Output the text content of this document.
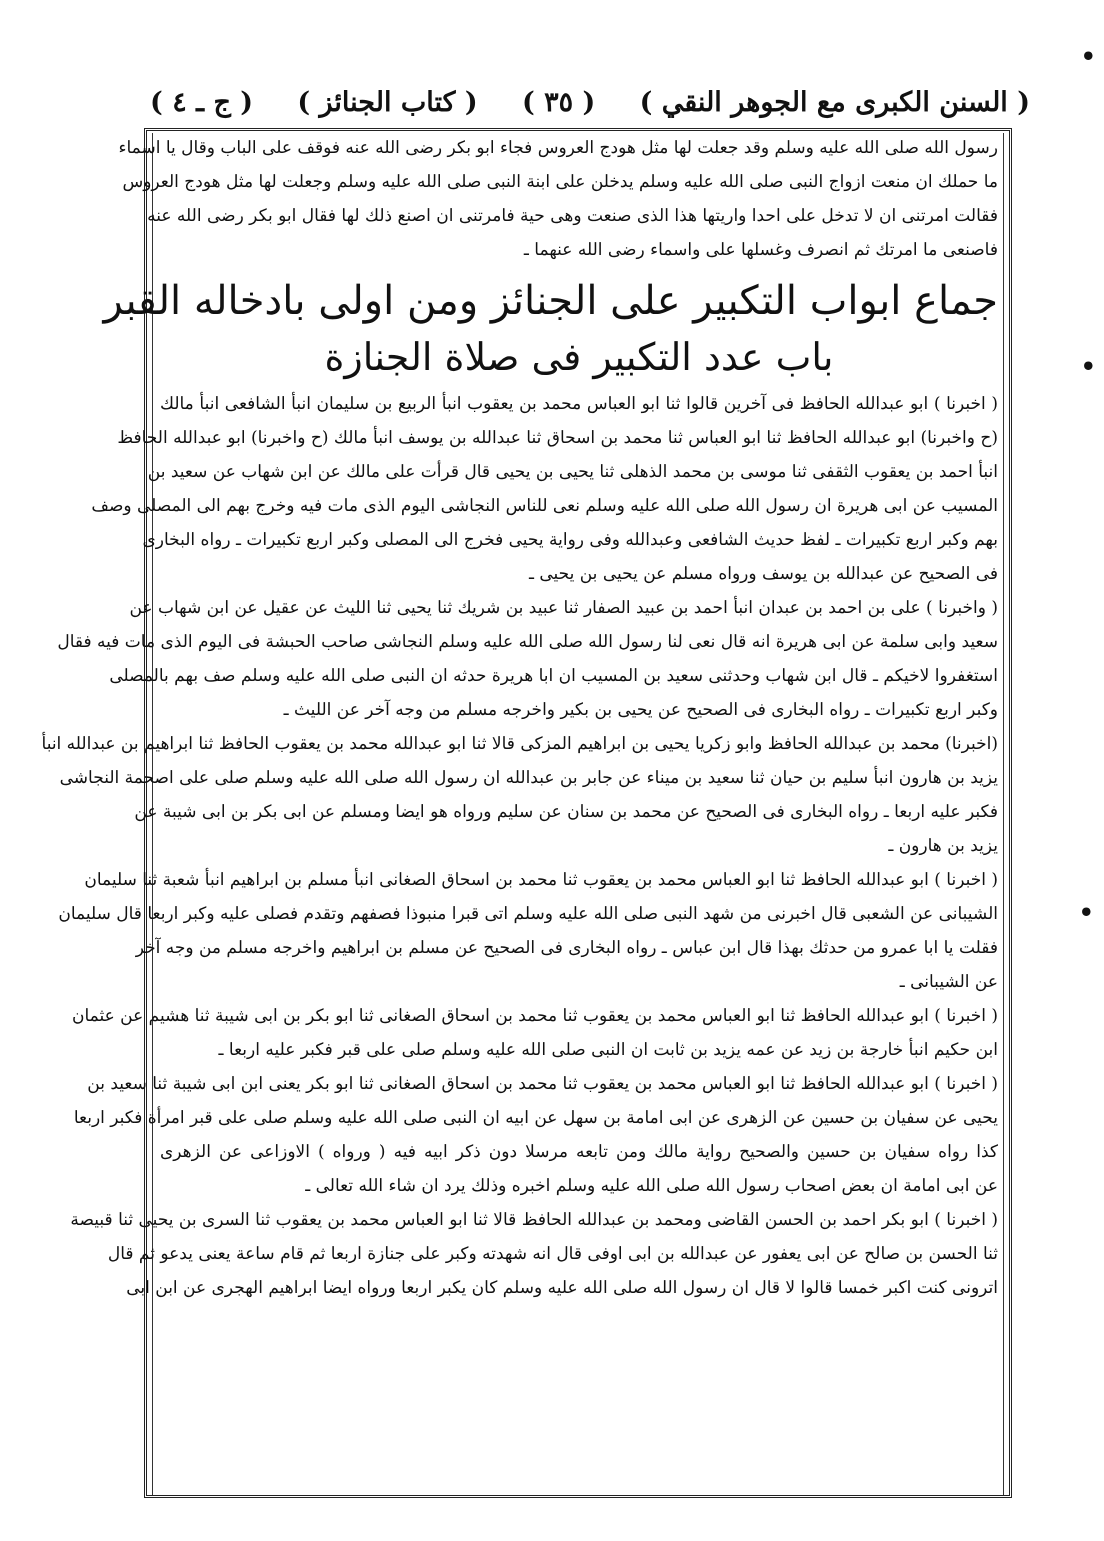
•
•
•
( السنن الكبرى مع الجوهر النقي )
( ٣٥ )
( كتاب الجنائز )
( ج ـ ٤ )
رسول الله صلى الله عليه وسلم وقد جعلت لها مثل هودج العروس فجاء ابو بكر رضى الله عنه فوقف على الباب وقال يا اسماء
ما حملك ان منعت ازواج النبى صلى الله عليه وسلم يدخلن على ابنة النبى صلى الله عليه وسلم وجعلت لها مثل هودج العروس
فقالت امرتنى ان لا تدخل على احدا واريتها هذا الذى صنعت وهى حية فامرتنى ان اصنع ذلك لها فقال ابو بكر رضى الله عنه
فاصنعى ما امرتك ثم انصرف وغسلها على واسماء رضى الله عنهما ـ
جماع ابواب التكبير على الجنائز ومن اولى بادخاله القبر
باب عدد التكبير فى صلاة الجنازة
( اخبرنا ) ابو عبدالله الحافظ فى آخرين قالوا ثنا ابو العباس محمد بن يعقوب انبأ الربيع بن سليمان انبأ الشافعى انبأ مالك
(ح واخبرنا) ابو عبدالله الحافظ ثنا ابو العباس ثنا محمد بن اسحاق ثنا عبدالله بن يوسف انبأ مالك (ح واخبرنا) ابو عبدالله الحافظ
انبأ احمد بن يعقوب الثقفى ثنا موسى بن محمد الذهلى ثنا يحيى بن يحيى قال قرأت على مالك عن ابن شهاب عن سعيد بن
المسيب عن ابى هريرة ان رسول الله صلى الله عليه وسلم نعى للناس النجاشى اليوم الذى مات فيه وخرج بهم الى المصلى وصف
بهم وكبر اربع تكبيرات ـ لفظ حديث الشافعى وعبدالله وفى رواية يحيى فخرج الى المصلى وكبر اربع تكبيرات ـ رواه البخارى
فى الصحيح عن عبدالله بن يوسف ورواه مسلم عن يحيى بن يحيى ـ
( واخبرنا ) على بن احمد بن عبدان انبأ احمد بن عبيد الصفار ثنا عبيد بن شريك ثنا يحيى ثنا الليث عن عقيل عن ابن شهاب عن
سعيد وابى سلمة عن ابى هريرة انه قال نعى لنا رسول الله صلى الله عليه وسلم النجاشى صاحب الحبشة فى اليوم الذى مات فيه فقال
استغفروا لاخيكم ـ قال ابن شهاب وحدثنى سعيد بن المسيب ان ابا هريرة حدثه ان النبى صلى الله عليه وسلم صف بهم بالمصلى
وكبر اربع تكبيرات ـ رواه البخارى فى الصحيح عن يحيى بن بكير واخرجه مسلم من وجه آخر عن الليث ـ
(اخبرنا) محمد بن عبدالله الحافظ وابو زكريا يحيى بن ابراهيم المزكى قالا ثنا ابو عبدالله محمد بن يعقوب الحافظ ثنا ابراهيم بن عبدالله انبأ
يزيد بن هارون انبأ سليم بن حيان ثنا سعيد بن ميناء عن جابر بن عبدالله ان رسول الله صلى الله عليه وسلم صلى على اصحمة النجاشى
فكبر عليه اربعا ـ رواه البخارى فى الصحيح عن محمد بن سنان عن سليم ورواه هو ايضا ومسلم عن ابى بكر بن ابى شيبة عن
يزيد بن هارون ـ
( اخبرنا ) ابو عبدالله الحافظ ثنا ابو العباس محمد بن يعقوب ثنا محمد بن اسحاق الصغانى انبأ مسلم بن ابراهيم انبأ شعبة ثنا سليمان
الشيبانى عن الشعبى قال اخبرنى من شهد النبى صلى الله عليه وسلم اتى قبرا منبوذا فصفهم وتقدم فصلى عليه وكبر اربعا قال سليمان
فقلت يا ابا عمرو من حدثك بهذا قال ابن عباس ـ رواه البخارى فى الصحيح عن مسلم بن ابراهيم واخرجه مسلم من وجه آخر
عن الشيبانى ـ
( اخبرنا ) ابو عبدالله الحافظ ثنا ابو العباس محمد بن يعقوب ثنا محمد بن اسحاق الصغانى ثنا ابو بكر بن ابى شيبة ثنا هشيم عن عثمان
ابن حكيم انبأ خارجة بن زيد عن عمه يزيد بن ثابت ان النبى صلى الله عليه وسلم صلى على قبر فكبر عليه اربعا ـ
( اخبرنا ) ابو عبدالله الحافظ ثنا ابو العباس محمد بن يعقوب ثنا محمد بن اسحاق الصغانى ثنا ابو بكر يعنى ابن ابى شيبة ثنا سعيد بن
يحيى عن سفيان بن حسين عن الزهرى عن ابى امامة بن سهل عن ابيه ان النبى صلى الله عليه وسلم صلى على قبر امرأة فكبر اربعا
كذا رواه سفيان بن حسين والصحيح رواية مالك ومن تابعه مرسلا دون ذكر ابيه فيه ( ورواه ) الاوزاعى عن الزهرى
عن ابى امامة ان بعض اصحاب رسول الله صلى الله عليه وسلم اخبره وذلك يرد ان شاء الله تعالى ـ
( اخبرنا ) ابو بكر احمد بن الحسن القاضى ومحمد بن عبدالله الحافظ قالا ثنا ابو العباس محمد بن يعقوب ثنا السرى بن يحيى ثنا قبيصة
ثنا الحسن بن صالح عن ابى يعفور عن عبدالله بن ابى اوفى قال انه شهدته وكبر على جنازة اربعا ثم قام ساعة يعنى يدعو ثم قال
اترونى كنت اكبر خمسا قالوا لا قال ان رسول الله صلى الله عليه وسلم كان يكبر اربعا ورواه ايضا ابراهيم الهجرى عن ابن ابى
